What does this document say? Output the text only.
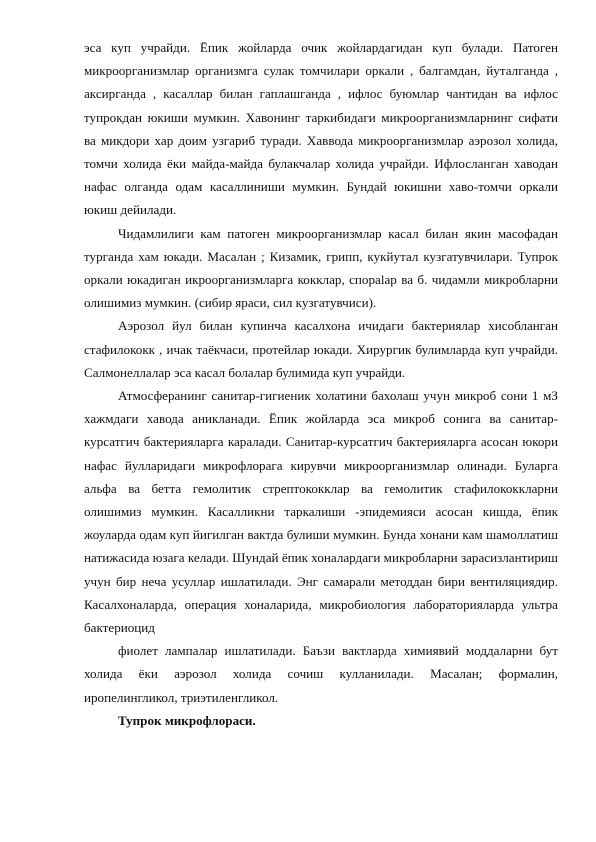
эса куп учрайди. Ёпик жойларда очик жойлардагидан куп булади. Патоген микроорганизмлар организмга сулак томчилари оркали , балгамдан, йуталганда , аксирганда , касаллар билан гаплашганда , ифлос буюмлар чантидан ва ифлос тупрокдан юкиши мумкин. Хавонинг таркибидаги микроорганизмларнинг сифати ва микдори хар доим узгариб туради. Хаввода микроорганизмлар аэрозол холида, томчи холида ёки майда-майда булакчалар холида учрайди. Ифлосланган хаводан нафас олганда одам касаллиниши мумкин. Бундай юкишни хаво-томчи оркали юкиш дейилади.

Чидамлилиги кам патоген микроорганизмлар касал билан якин масофадан турганда хам юкади. Масалан ; Кизамик, грипп, кукйутал кузгатувчилари. Тупрок оркали юкадиган икроорганизмларга кокклар, спорalар ва б. чидамли микробларни олишимиз мумкин. (сибир яраси, сил кузгатувчиси).

Аэрозол йул билан купинча касалхона ичидаги бактериялар хисобланган стафилококк , ичак таёкчаси, протейлар юкади. Хирургик булимларда куп учрайди. Салмонеллалар эса касал болалар булимида куп учрайди.

Атмосферанинг санитар-гигиеник холатини бахолаш учун микроб сони 1 мЗ хажмдаги хавода аникланади. Ёпик жойларда эса микроб сонига ва санитар-курсатгич бактерияларга каралади. Санитар-курсатгич бактерияларга асосан юкори нафас йулларидаги микрофлорага кирувчи микроорганизмлар олинади. Буларга альфа ва бетта гемолитик стрептококклар ва гемолитик стафилококкларни олишимиз мумкин. Касалликни таркалиши -эпидемияси асосан кишда, ёпик жоуларда одам куп йигилган вактда булиши мумкин. Бунда хонани кам шамоллатиш натижасида юзага келади. Шундай ёпик хоналардаги микробларни зарасизлантириш учун бир неча усуллар ишлатилади. Энг самарали методдан бири вентиляциядир. Касалхоналарда, операция хоналарида, микробиология лабораторияларда ультра бактериоцид

фиолет лампалар ишлатилади. Баъзи вактларда химиявий моддаларни бут холида ёки аэрозол холида сочиш кулланилади. Масалан; формалин, иропелингликол, триэтиленгликол.

Тупрок микрофлораси.
